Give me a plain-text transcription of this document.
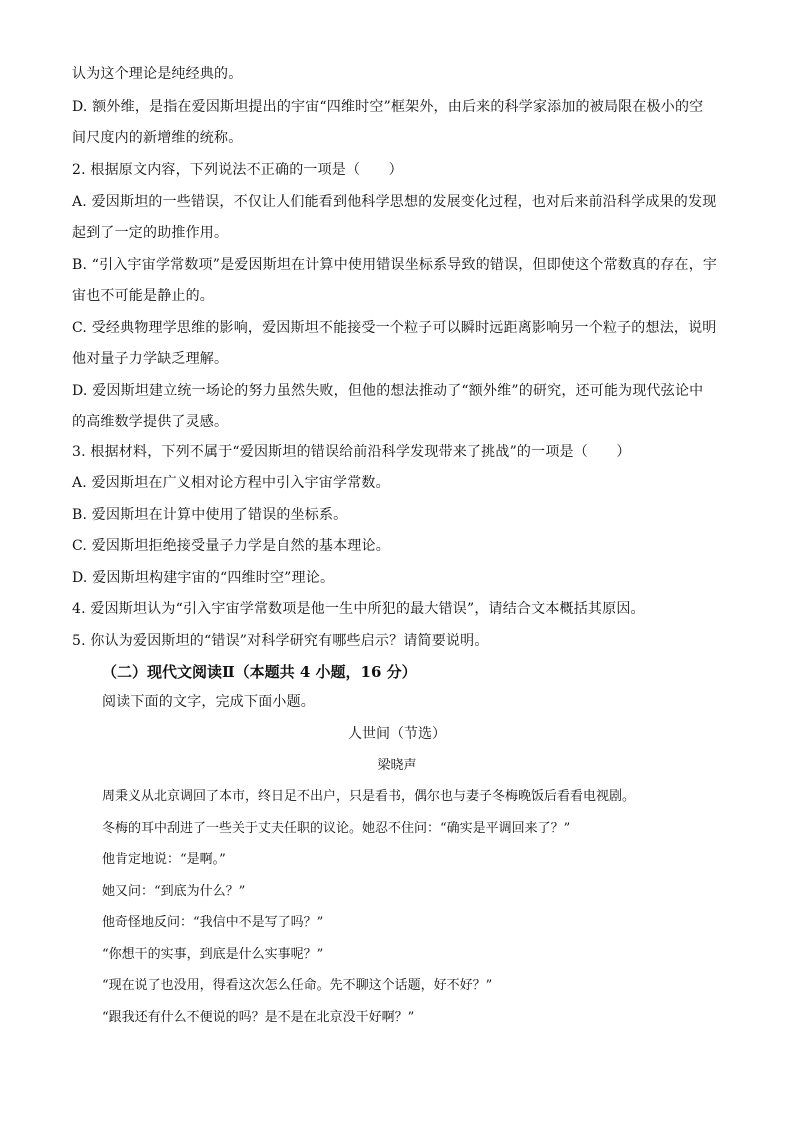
认为这个理论是纯经典的。
D. 额外维，是指在爱因斯坦提出的宇宙“四维时空”框架外，由后来的科学家添加的被局限在极小的空
间尺度内的新增维的统称。
2. 根据原文内容，下列说法不正确的一项是（　　）
A. 爱因斯坦的一些错误，不仅让人们能看到他科学思想的发展变化过程，也对后来前沿科学成果的发现
起到了一定的助推作用。
B. “引入宇宙学常数项”是爱因斯坦在计算中使用错误坐标系导致的错误，但即使这个常数真的存在，宇
宙也不可能是静止的。
C. 受经典物理学思维的影响，爱因斯坦不能接受一个粒子可以瞬时远距离影响另一个粒子的想法，说明
他对量子力学缺乏理解。
D. 爱因斯坦建立统一场论的努力虽然失败，但他的想法推动了“额外维”的研究，还可能为现代弦论中
的高维数学提供了灵感。
3. 根据材料，下列不属于“爱因斯坦的错误给前沿科学发现带来了挑战”的一项是（　　）
A. 爱因斯坦在广义相对论方程中引入宇宙学常数。
B. 爱因斯坦在计算中使用了错误的坐标系。
C. 爱因斯坦拒绝接受量子力学是自然的基本理论。
D. 爱因斯坦构建宇宙的“四维时空”理论。
4. 爱因斯坦认为“引入宇宙学常数项是他一生中所犯的最大错误”，请结合文本概括其原因。
5. 你认为爱因斯坦的“错误”对科学研究有哪些启示？请简要说明。
（二）现代文阅读Ⅱ（本题共 4 小题，16 分）
阅读下面的文字，完成下面小题。
人世间（节选）
梁晓声
周秉义从北京调回了本市，终日足不出户，只是看书，偶尔也与妻子冬梅晚饭后看看电视剧。
冬梅的耳中刮进了一些关于丈夫任职的议论。她忍不住问：“确实是平调回来了？”
他肯定地说：“是啊。”
她又问：“到底为什么？”
他奇怪地反问：“我信中不是写了吗？”
“你想干的实事，到底是什么实事呢？”
“现在说了也没用，得看这次怎么任命。先不聊这个话题，好不好？”
“跟我还有什么不便说的吗？是不是在北京没干好啊？”
